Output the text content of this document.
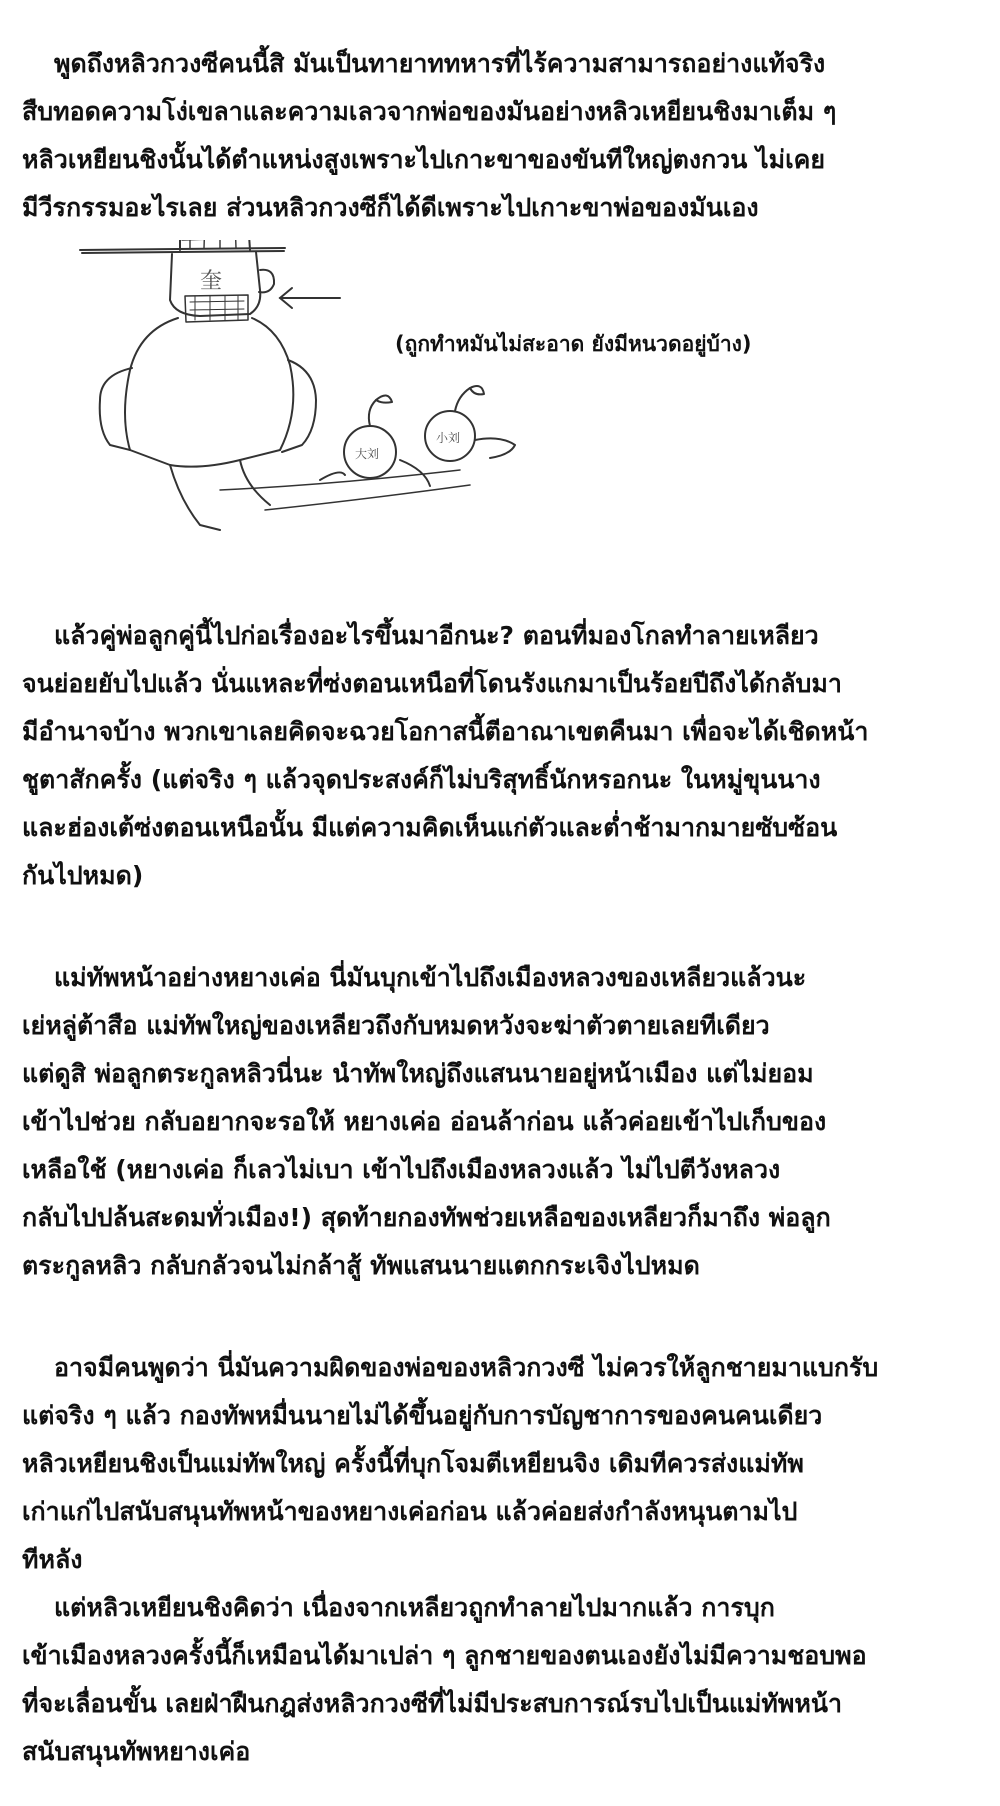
พูดถึงหลิวกวงซีคนนี้สิ มันเป็นทายาททหารที่ไร้ความสามารถอย่างแท้จริง
สืบทอดความโง่เขลาและความเลวจากพ่อของมันอย่างหลิวเหยียนชิงมาเต็ม ๆ
หลิวเหยียนชิงนั้นได้ตำแหน่งสูงเพราะไปเกาะขาของขันทีใหญ่ตงกวน ไม่เคย
มีวีรกรรมอะไรเลย ส่วนหลิวกวงซีก็ได้ดีเพราะไปเกาะขาพ่อของมันเอง
奎
大刘
小刘
(ถูกทำหมันไม่สะอาด ยังมีหนวดอยู่บ้าง)
แล้วคู่พ่อลูกคู่นี้ไปก่อเรื่องอะไรขึ้นมาอีกนะ? ตอนที่มองโกลทำลายเหลียว
จนย่อยยับไปแล้ว นั่นแหละที่ซ่งตอนเหนือที่โดนรังแกมาเป็นร้อยปีถึงได้กลับมา
มีอำนาจบ้าง พวกเขาเลยคิดจะฉวยโอกาสนี้ตีอาณาเขตคืนมา เพื่อจะได้เชิดหน้า
ชูตาสักครั้ง (แต่จริง ๆ แล้วจุดประสงค์ก็ไม่บริสุทธิ์นักหรอกนะ ในหมู่ขุนนาง
และฮ่องเต้ซ่งตอนเหนือนั้น มีแต่ความคิดเห็นแก่ตัวและต่ำช้ามากมายซับซ้อน
กันไปหมด)
แม่ทัพหน้าอย่างหยางเค่อ นี่มันบุกเข้าไปถึงเมืองหลวงของเหลียวแล้วนะ
เย่หลู่ต้าสือ แม่ทัพใหญ่ของเหลียวถึงกับหมดหวังจะฆ่าตัวตายเลยทีเดียว
แต่ดูสิ พ่อลูกตระกูลหลิวนี่นะ นำทัพใหญ่ถึงแสนนายอยู่หน้าเมือง แต่ไม่ยอม
เข้าไปช่วย กลับอยากจะรอให้ หยางเค่อ อ่อนล้าก่อน แล้วค่อยเข้าไปเก็บของ
เหลือใช้ (หยางเค่อ ก็เลวไม่เบา เข้าไปถึงเมืองหลวงแล้ว ไม่ไปตีวังหลวง
กลับไปปล้นสะดมทั่วเมือง!) สุดท้ายกองทัพช่วยเหลือของเหลียวก็มาถึง พ่อลูก
ตระกูลหลิว กลับกลัวจนไม่กล้าสู้ ทัพแสนนายแตกกระเจิงไปหมด
อาจมีคนพูดว่า นี่มันความผิดของพ่อของหลิวกวงซี ไม่ควรให้ลูกชายมาแบกรับ
แต่จริง ๆ แล้ว กองทัพหมื่นนายไม่ได้ขึ้นอยู่กับการบัญชาการของคนคนเดียว
หลิวเหยียนชิงเป็นแม่ทัพใหญ่ ครั้งนี้ที่บุกโจมตีเหยียนจิง เดิมทีควรส่งแม่ทัพ
เก่าแก่ไปสนับสนุนทัพหน้าของหยางเค่อก่อน แล้วค่อยส่งกำลังหนุนตามไป
ทีหลัง
แต่หลิวเหยียนชิงคิดว่า เนื่องจากเหลียวถูกทำลายไปมากแล้ว การบุก
เข้าเมืองหลวงครั้งนี้ก็เหมือนได้มาเปล่า ๆ ลูกชายของตนเองยังไม่มีความชอบพอ
ที่จะเลื่อนขั้น เลยฝ่าฝืนกฎส่งหลิวกวงซีที่ไม่มีประสบการณ์รบไปเป็นแม่ทัพหน้า
สนับสนุนทัพหยางเค่อ
